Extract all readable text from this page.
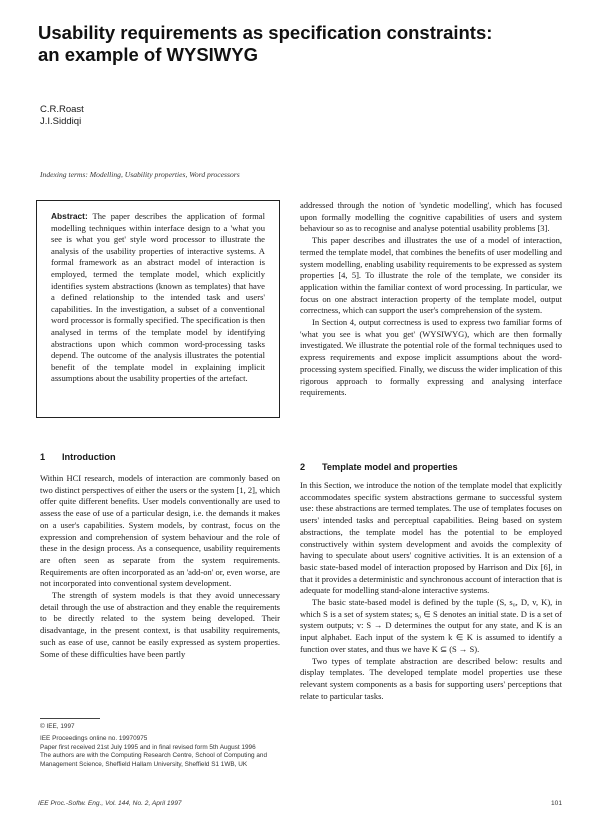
Usability requirements as specification constraints:
an example of WYSIWYG
C.R.Roast
J.I.Siddiqi
Indexing terms: Modelling, Usability properties, Word processors

Abstract: The paper describes the application of formal modelling techniques within interface design to a 'what you see is what you get' style word processor to illustrate the analysis of the usability properties of interactive systems. A formal framework as an abstract model of interaction is employed, termed the template model, which explicitly identifies system abstractions (known as templates) that have a defined relationship to the intended task and users' capabilities. In the investigation, a subset of a conventional word processor is formally specified. The specification is then analysed in terms of the template model by identifying abstractions upon which common word-processing tasks depend. The outcome of the analysis illustrates the potential benefit of the template model in explaining implicit assumptions about the usability properties of the artefact.

1 Introduction

Within HCI research, models of interaction are commonly based on two distinct perspectives of either the users or the system [1, 2], which offer quite different benefits. User models conventionally are used to assess the ease of use of a particular design, i.e. the demands it makes on a user's capabilities. System models, by contrast, focus on the expression and comprehension of system behaviour and the role of these in the design process. As a consequence, usability requirements are often seen as separate from the system requirements. Requirements are often incorporated as an 'add-on' or, even worse, are not incorporated into conventional system development.

The strength of system models is that they avoid unnecessary detail through the use of abstraction and they enable the requirements to be directly related to the system being developed. Their disadvantage, in the present context, is that usability requirements, such as ease of use, cannot be easily expressed as system properties. Some of these difficulties have been partly

© IEE, 1997
IEE Proceedings online no. 19970975
Paper first received 21st July 1995 and in final revised form 5th August 1996
The authors are with the Computing Research Centre, School of Computing and Management Science, Sheffield Hallam University, Sheffield S1 1WB, UK

addressed through the notion of 'syndetic modelling', which has focused upon formally modelling the cognitive capabilities of users and system behaviour so as to recognise and analyse potential usability problems [3].

This paper describes and illustrates the use of a model of interaction, termed the template model, that combines the benefits of user modelling and system modelling, enabling usability requirements to be expressed as system properties [4, 5]. To illustrate the role of the template, we consider its application within the familiar context of word processing. In particular, we focus on one abstract interaction property of the template model, output correctness, which can support the user's comprehension of the system.

In Section 4, output correctness is used to express two familiar forms of 'what you see is what you get' (WYSIWYG), which are then formally investigated. We illustrate the potential role of the formal techniques used to express requirements and expose implicit assumptions about the word-processing system specified. Finally, we discuss the wider implication of this rigorous approach to formally expressing and analysing interface requirements.

2 Template model and properties

In this Section, we introduce the notion of the template model that explicitly accommodates specific system abstractions germane to successful system use: these abstractions are termed templates. The use of templates focuses on users' intended tasks and perceptual capabilities. Being based on system abstractions, the template model has the potential to be employed constructively within system development and avoids the complexity of having to speculate about users' cognitive activities. It is an extension of a basic state-based model of interaction proposed by Harrison and Dix [6], in that it provides a deterministic and synchronous account of interaction that is adequate for modelling stand-alone interactive systems.

The basic state-based model is defined by the tuple (S, s₀, D, v, K), in which S is a set of system states; s₀ ∈ S denotes an initial state. D is a set of system outputs; v: S → D determines the output for any state, and K is an input alphabet. Each input of the system k ∈ K is assumed to identify a function over states, and thus we have K ⊆ (S → S).

Two types of template abstraction are described below: results and display templates. The developed template model properties use these relevant system components as a basis for supporting users' perceptions that relate to particular tasks.

IEE Proc.-Softw. Eng., Vol. 144, No. 2, April 1997	101
